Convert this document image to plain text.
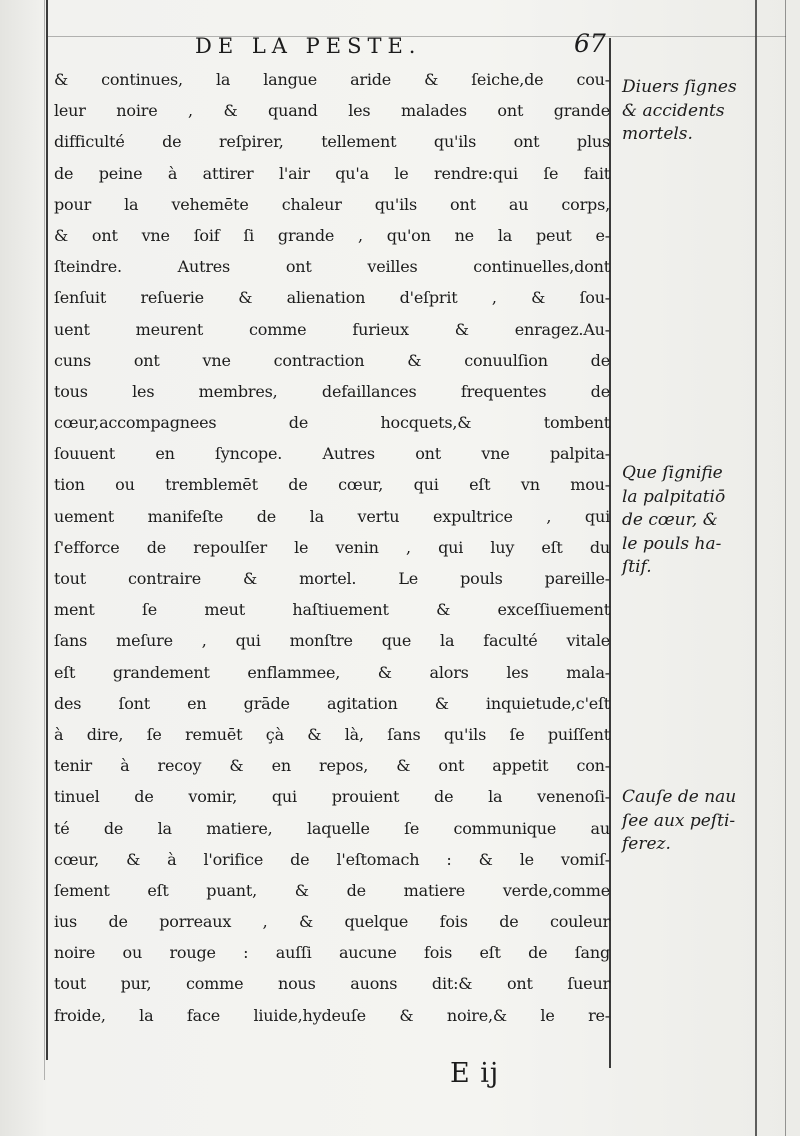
DE LA PESTE.	67
& continues, la langue aride & ſeiche,de cou-
leur noire , & quand les malades ont grande
difficulté de reſpirer, tellement qu'ils ont plus
de peine à attirer l'air qu'a le rendre:qui ſe fait
pour la vehemēte chaleur qu'ils ont au corps,
& ont vne ſoif ſi grande , qu'on ne la peut e-
ſteindre. Autres ont veilles continuelles,dont
ſenſuit reſuerie & alienation d'eſprit , & ſou-
uent meurent comme furieux & enragez.Au-
cuns ont vne contraction & conuulſion de
tous les membres, defaillances frequentes de
cœur,accompagnees de hocquets,& tombent
ſouuent en ſyncope. Autres ont vne palpita-
tion ou tremblemēt de cœur, qui eſt vn mou-
uement manifeſte de la vertu expultrice , qui
ſ'efforce de repoulſer le venin , qui luy eſt du
tout contraire & mortel. Le pouls pareille-
ment ſe meut haſtiuement & exceſſiuement
ſans meſure , qui monſtre que la faculté vitale
eſt grandement enflammee, & alors les mala-
des ſont en grāde agitation & inquietude,c'eſt
à dire, ſe remuēt çà & là, ſans qu'ils ſe puiſſent
tenir à recoy & en repos, & ont appetit con-
tinuel de vomir, qui prouient de la venenoſi-
té de la matiere, laquelle ſe communique au
cœur, & à l'orifice de l'eſtomach : & le vomiſ-
ſement eſt puant, & de matiere verde,comme
ius de porreaux , & quelque fois de couleur
noire ou rouge : auſſi aucune fois eſt de ſang
tout pur, comme nous auons dit:& ont ſueur
froide, la face liuide,hydeuſe & noire,& le re-
Diuers ſignes
& accidents
mortels.
Que ſignifie
la palpitatiō
de cœur, &
le pouls ha-
ſtif.
Cauſe de nau
ſee aux peſti-
ferez.
E ij
